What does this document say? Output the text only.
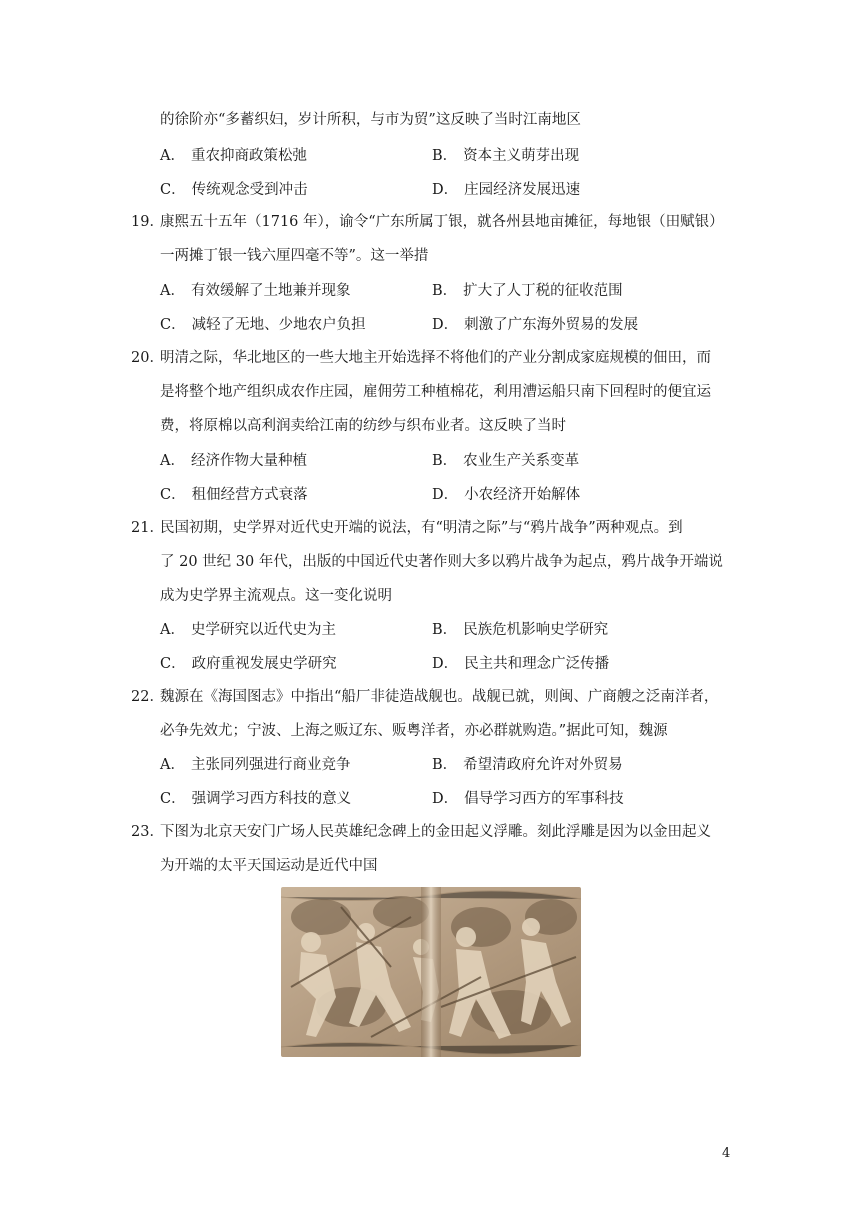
的徐阶亦“多蓄织妇，岁计所积，与市为贸”这反映了当时江南地区
A． 重农抑商政策松弛	B． 资本主义萌芽出现
C． 传统观念受到冲击	D． 庄园经济发展迅速
19．
康熙五十五年（1716 年），谕令“广东所属丁银，就各州县地亩摊征，每地银（田赋银）
一两摊丁银一钱六厘四毫不等”。这一举措
A． 有效缓解了土地兼并现象	B． 扩大了人丁税的征收范围
C． 减轻了无地、少地农户负担	D． 刺激了广东海外贸易的发展
20．
明清之际，华北地区的一些大地主开始选择不将他们的产业分割成家庭规模的佃田，而
是将整个地产组织成农作庄园，雇佣劳工种植棉花，利用漕运船只南下回程时的便宜运
费，将原棉以高利润卖给江南的纺纱与织布业者。这反映了当时
A． 经济作物大量种植	B． 农业生产关系变革
C． 租佃经营方式衰落	D． 小农经济开始解体
21．
民国初期，史学界对近代史开端的说法，有“明清之际”与“鸦片战争”两种观点。到
了 20 世纪 30 年代，出版的中国近代史著作则大多以鸦片战争为起点，鸦片战争开端说
成为史学界主流观点。这一变化说明
A． 史学研究以近代史为主	B． 民族危机影响史学研究
C． 政府重视发展史学研究	D． 民主共和理念广泛传播
22．
魏源在《海国图志》中指出“船厂非徒造战舰也。战舰已就，则闽、广商艘之泛南洋者，
必争先效尤；宁波、上海之贩辽东、贩粤洋者，亦必群就购造。”据此可知，魏源
A． 主张同列强进行商业竞争	B． 希望清政府允许对外贸易
C． 强调学习西方科技的意义	D． 倡导学习西方的军事科技
23．
下图为北京天安门广场人民英雄纪念碑上的金田起义浮雕。刻此浮雕是因为以金田起义
为开端的太平天国运动是近代中国
4
